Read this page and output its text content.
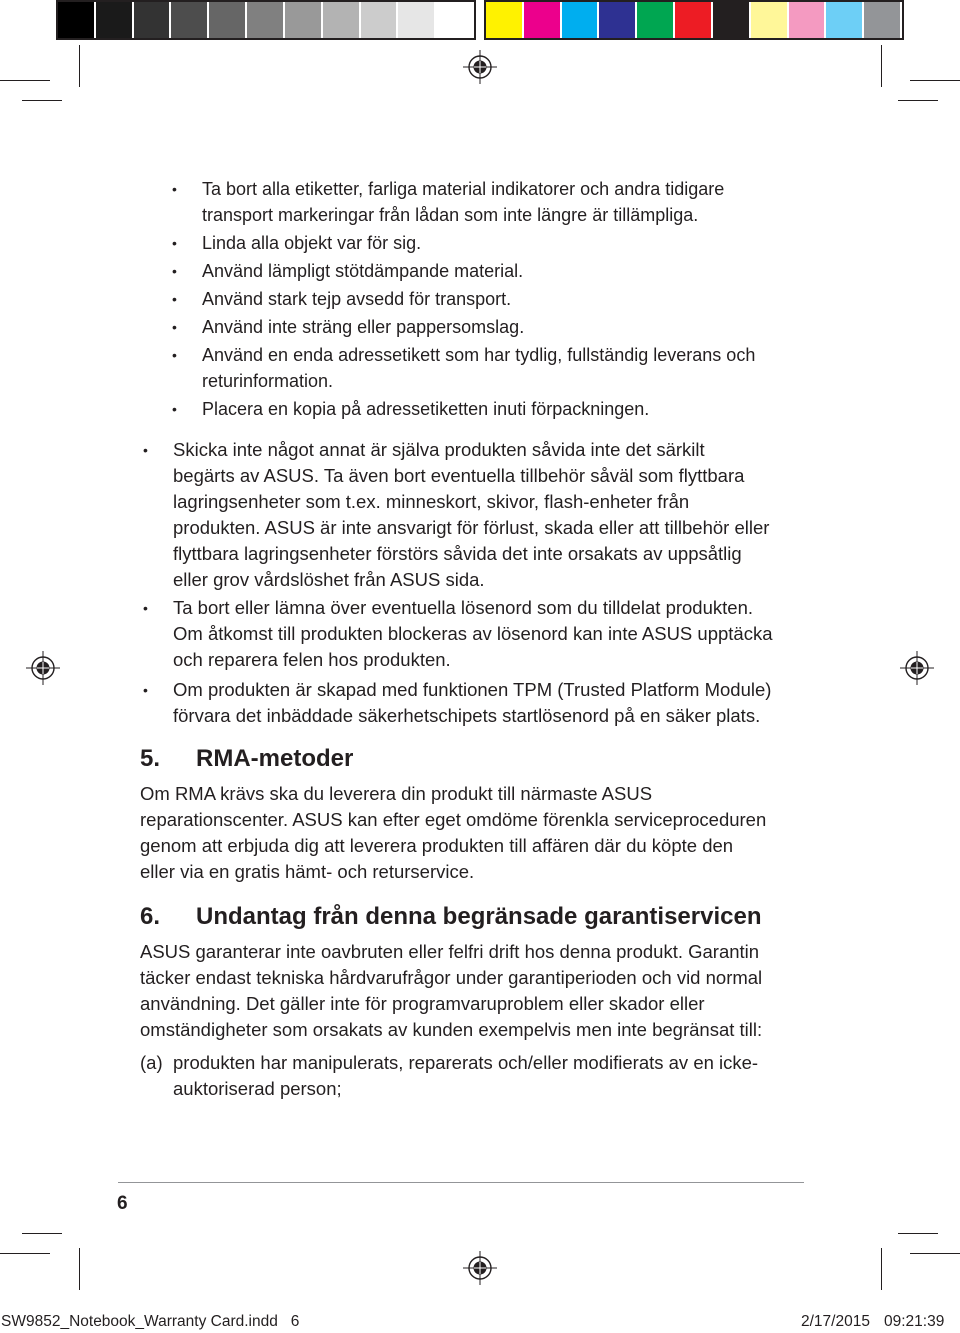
• Ta bort alla etiketter, farliga material indikatorer och andra tidigare
transport markeringar från lådan som inte längre är tillämpliga.
• Linda alla objekt var för sig.
• Använd lämpligt stötdämpande material.
• Använd stark tejp avsedd för transport.
• Använd inte sträng eller pappersomslag.
• Använd en enda adressetikett som har tydlig, fullständig leverans och
returinformation.
• Placera en kopia på adressetiketten inuti förpackningen.
• Skicka inte något annat är själva produkten såvida inte det särkilt
begärts av ASUS. Ta även bort eventuella tillbehör såväl som flyttbara
lagringsenheter som t.ex. minneskort, skivor, flash-enheter från
produkten. ASUS är inte ansvarigt för förlust, skada eller att tillbehör eller
flyttbara lagringsenheter förstörs såvida det inte orsakats av uppsåtlig
eller grov vårdslöshet från ASUS sida.
• Ta bort eller lämna över eventuella lösenord som du tilldelat produkten.
Om åtkomst till produkten blockeras av lösenord kan inte ASUS upptäcka
och reparera felen hos produkten.
• Om produkten är skapad med funktionen TPM (Trusted Platform Module)
förvara det inbäddade säkerhetschipets startlösenord på en säker plats.
5. RMA-metoder
Om RMA krävs ska du leverera din produkt till närmaste ASUS
reparationscenter. ASUS kan efter eget omdöme förenkla serviceproceduren
genom att erbjuda dig att leverera produkten till affären där du köpte den
eller via en gratis hämt- och returservice.
6. Undantag från denna begränsade garantiservicen
ASUS garanterar inte oavbruten eller felfri drift hos denna produkt. Garantin
täcker endast tekniska hårdvarufrågor under garantiperioden och vid normal
användning. Det gäller inte för programvaruproblem eller skador eller
omständigheter som orsakats av kunden exempelvis men inte begränsat till:
(a) produkten har manipulerats, reparerats och/eller modifierats av en icke-
auktoriserad person;
6
SW9852_Notebook_Warranty Card.indd   6	2/17/2015 09:21:39
